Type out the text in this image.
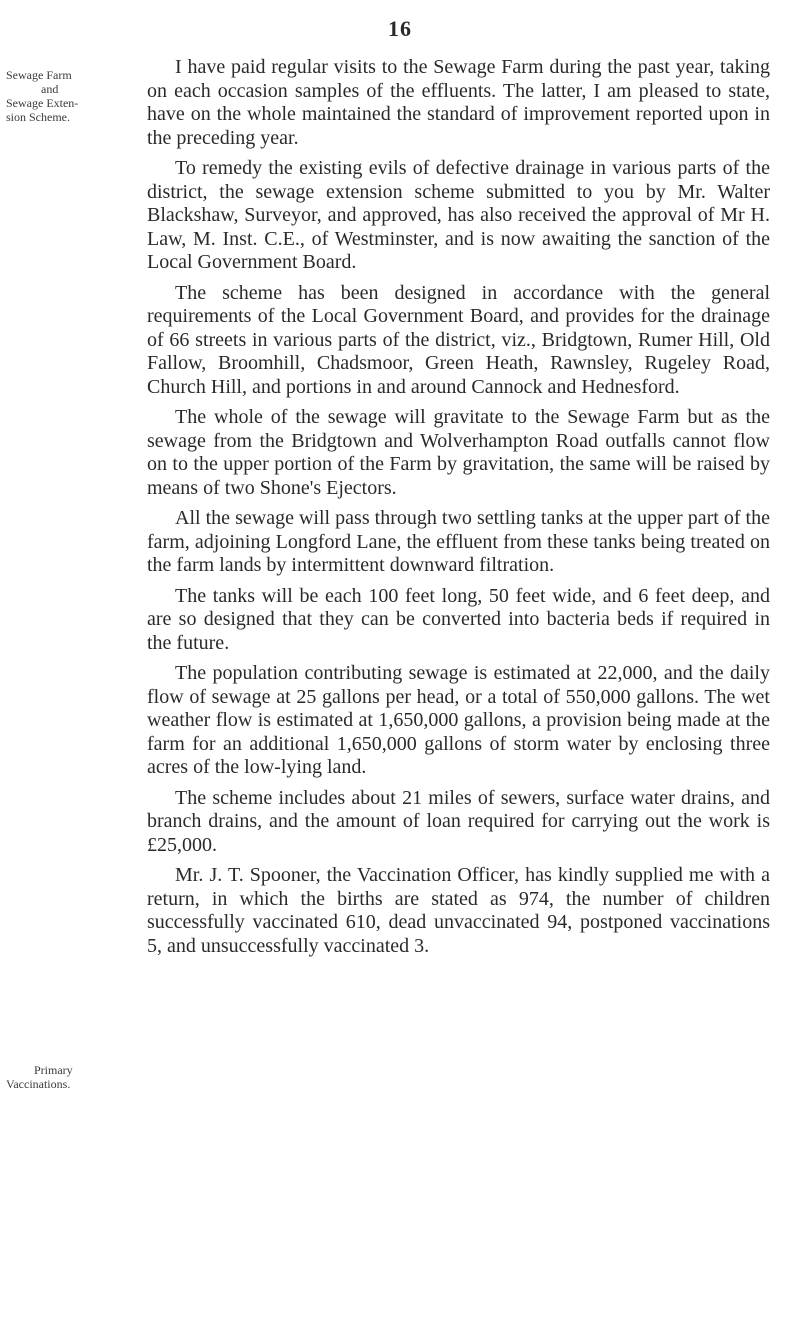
16
Sewage Farm
and
Sewage Exten-
sion Scheme.
Primary
Vaccinations.

I have paid regular visits to the Sewage Farm during the past year, taking on each occasion samples of the effluents. The latter, I am pleased to state, have on the whole maintained the standard of improvement reported upon in the preceding year.

To remedy the existing evils of defective drainage in various parts of the district, the sewage extension scheme submitted to you by Mr. Walter Blackshaw, Surveyor, and approved, has also received the approval of Mr H. Law, M. Inst. C.E., of Westminster, and is now awaiting the sanction of the Local Government Board.

The scheme has been designed in accordance with the general requirements of the Local Government Board, and provides for the drainage of 66 streets in various parts of the district, viz., Bridgtown, Rumer Hill, Old Fallow, Broomhill, Chadsmoor, Green Heath, Rawnsley, Rugeley Road, Church Hill, and portions in and around Cannock and Hednesford.

The whole of the sewage will gravitate to the Sewage Farm but as the sewage from the Bridgtown and Wolverhampton Road outfalls cannot flow on to the upper portion of the Farm by gravitation, the same will be raised by means of two Shone's Ejectors.

All the sewage will pass through two settling tanks at the upper part of the farm, adjoining Longford Lane, the effluent from these tanks being treated on the farm lands by intermittent downward filtration.

The tanks will be each 100 feet long, 50 feet wide, and 6 feet deep, and are so designed that they can be converted into bacteria beds if required in the future.

The population contributing sewage is estimated at 22,000, and the daily flow of sewage at 25 gallons per head, or a total of 550,000 gallons. The wet weather flow is estimated at 1,650,000 gallons, a provision being made at the farm for an additional 1,650,000 gallons of storm water by enclosing three acres of the low-lying land.

The scheme includes about 21 miles of sewers, surface water drains, and branch drains, and the amount of loan required for carrying out the work is £25,000.

Mr. J. T. Spooner, the Vaccination Officer, has kindly supplied me with a return, in which the births are stated as 974, the number of children successfully vaccinated 610, dead unvaccinated 94, postponed vaccinations 5, and unsuccessfully vaccinated 3.
